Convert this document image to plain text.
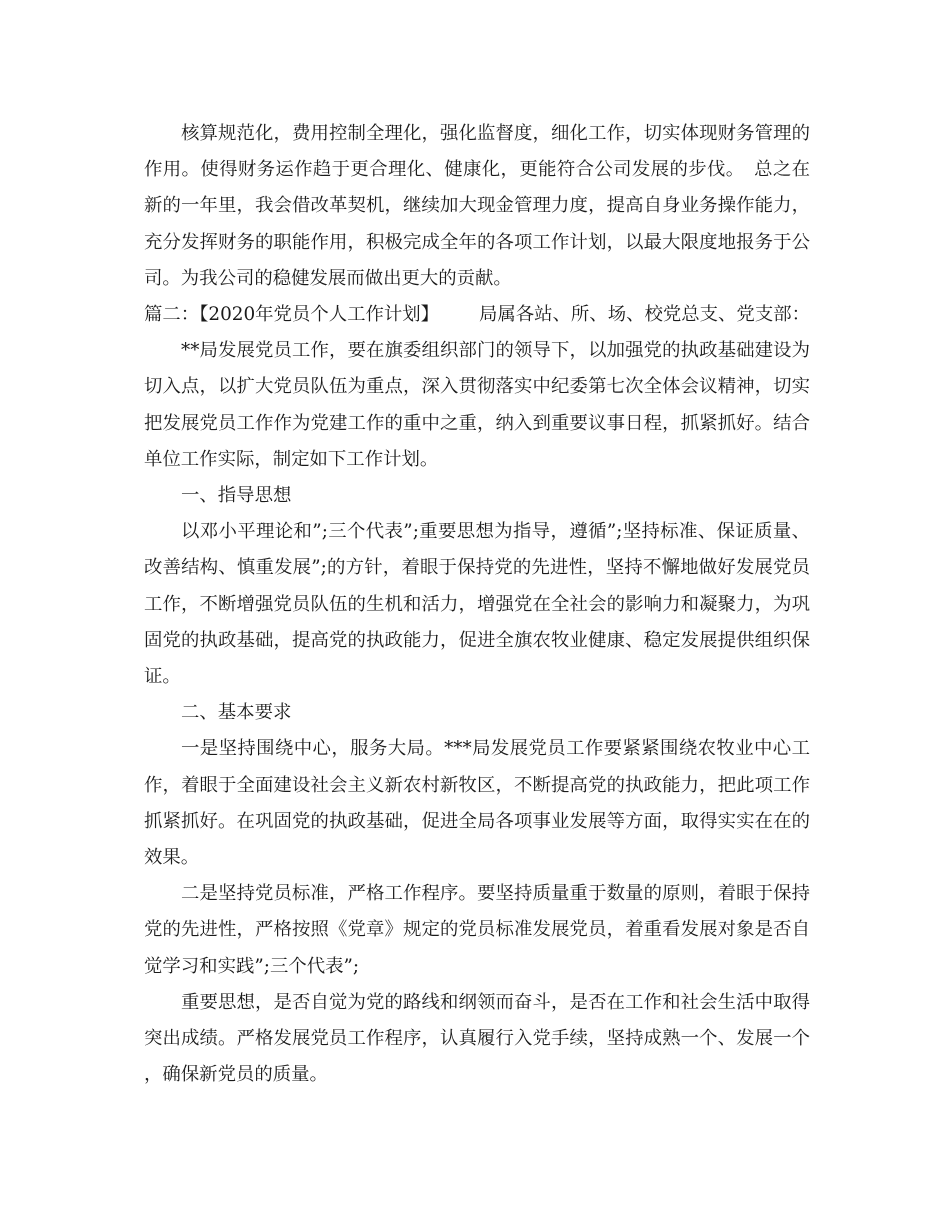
核算规范化，费用控制全理化，强化监督度，细化工作，切实体现财务管理的作用。使得财务运作趋于更合理化、健康化，更能符合公司发展的步伐。　总之在新的一年里，我会借改革契机，继续加大现金管理力度，提高自身业务操作能力，充分发挥财务的职能作用，积极完成全年的各项工作计划，以最大限度地报务于公司。为我公司的稳健发展而做出更大的贡献。

篇二：【2020年党员个人工作计划】 局属各站、所、场、校党总支、党支部：

**局发展党员工作，要在旗委组织部门的领导下，以加强党的执政基础建设为切入点，以扩大党员队伍为重点，深入贯彻落实中纪委第七次全体会议精神，切实把发展党员工作作为党建工作的重中之重，纳入到重要议事日程，抓紧抓好。结合单位工作实际，制定如下工作计划。

一、指导思想

以邓小平理论和”;三个代表”;重要思想为指导，遵循”;坚持标准、保证质量、改善结构、慎重发展”;的方针，着眼于保持党的先进性，坚持不懈地做好发展党员工作，不断增强党员队伍的生机和活力，增强党在全社会的影响力和凝聚力，为巩固党的执政基础，提高党的执政能力，促进全旗农牧业健康、稳定发展提供组织保证。

二、基本要求

一是坚持围绕中心，服务大局。***局发展党员工作要紧紧围绕农牧业中心工作，着眼于全面建设社会主义新农村新牧区，不断提高党的执政能力，把此项工作抓紧抓好。在巩固党的执政基础，促进全局各项事业发展等方面，取得实实在在的效果。

二是坚持党员标准，严格工作程序。要坚持质量重于数量的原则，着眼于保持党的先进性，严格按照《党章》规定的党员标准发展党员，着重看发展对象是否自觉学习和实践”;三个代表”;

重要思想，是否自觉为党的路线和纲领而奋斗，是否在工作和社会生活中取得突出成绩。严格发展党员工作程序，认真履行入党手续，坚持成熟一个、发展一个，确保新党员的质量。
